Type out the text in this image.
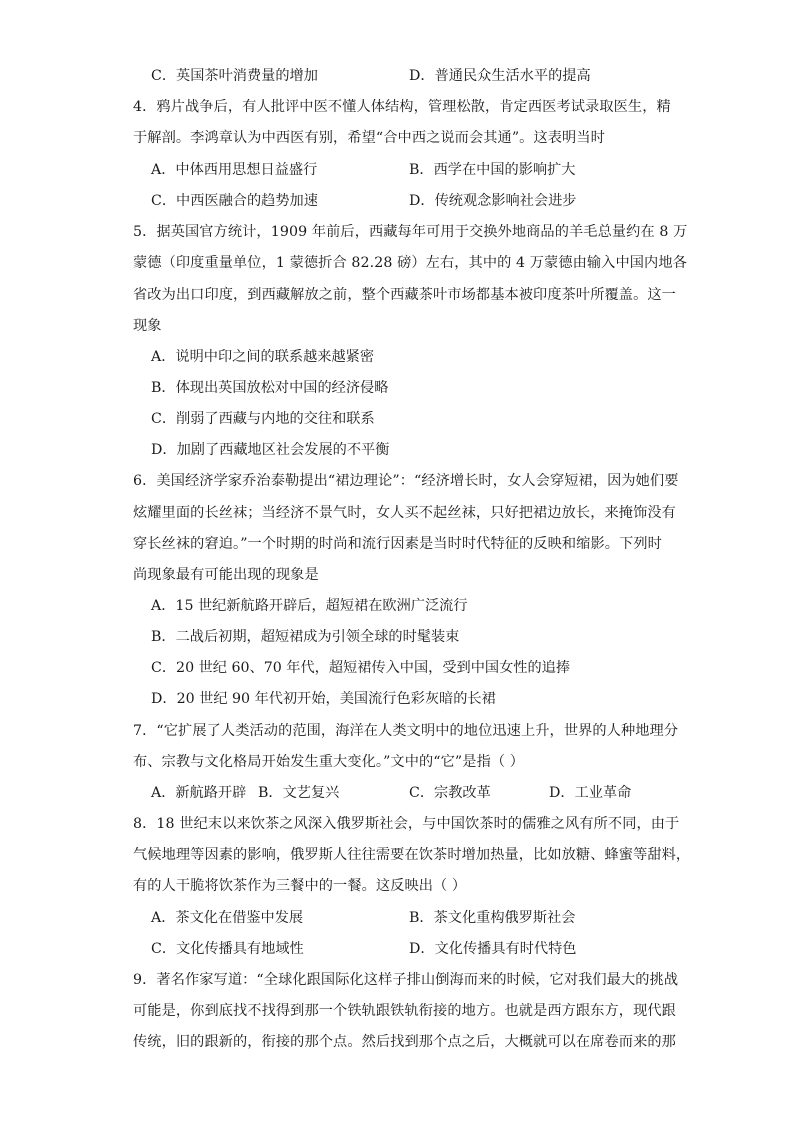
C．英国茶叶消费量的增加	D．普通民众生活水平的提高
4．鸦片战争后，有人批评中医不懂人体结构，管理松散，肯定西医考试录取医生，精
于解剖。李鸿章认为中西医有别，希望“合中西之说而会其通”。这表明当时
A．中体西用思想日益盛行	B．西学在中国的影响扩大
C．中西医融合的趋势加速	D．传统观念影响社会进步
5．据英国官方统计，1909 年前后，西藏每年可用于交换外地商品的羊毛总量约在 8 万
蒙德（印度重量单位，1 蒙德折合 82.28 磅）左右，其中的 4 万蒙德由输入中国内地各
省改为出口印度，到西藏解放之前，整个西藏茶叶市场都基本被印度茶叶所覆盖。这一
现象
A．说明中印之间的联系越来越紧密
B．体现出英国放松对中国的经济侵略
C．削弱了西藏与内地的交往和联系
D．加剧了西藏地区社会发展的不平衡
6．美国经济学家乔治泰勒提出“裙边理论”：“经济增长时，女人会穿短裙，因为她们要
炫耀里面的长丝袜；当经济不景气时，女人买不起丝袜，只好把裙边放长，来掩饰没有
穿长丝袜的窘迫。”一个时期的时尚和流行因素是当时时代特征的反映和缩影。下列时
尚现象最有可能出现的现象是
A．15 世纪新航路开辟后，超短裙在欧洲广泛流行
B．二战后初期，超短裙成为引领全球的时髦装束
C．20 世纪 60、70 年代，超短裙传入中国，受到中国女性的追捧
D．20 世纪 90 年代初开始，美国流行色彩灰暗的长裙
7．“它扩展了人类活动的范围，海洋在人类文明中的地位迅速上升，世界的人种地理分
布、宗教与文化格局开始发生重大变化。”文中的“它”是指（ ）
A．新航路开辟 B．文艺复兴	C．宗教改革	D．工业革命
8．18 世纪末以来饮茶之风深入俄罗斯社会，与中国饮茶时的儒雅之风有所不同，由于
气候地理等因素的影响，俄罗斯人往往需要在饮茶时增加热量，比如放糖、蜂蜜等甜料，
有的人干脆将饮茶作为三餐中的一餐。这反映出（ ）
A．茶文化在借鉴中发展	B．茶文化重构俄罗斯社会
C．文化传播具有地域性	D．文化传播具有时代特色
9．著名作家写道：“全球化跟国际化这样子排山倒海而来的时候，它对我们最大的挑战
可能是，你到底找不找得到那一个铁轨跟铁轨衔接的地方。也就是西方跟东方，现代跟
传统，旧的跟新的，衔接的那个点。然后找到那个点之后，大概就可以在席卷而来的那
